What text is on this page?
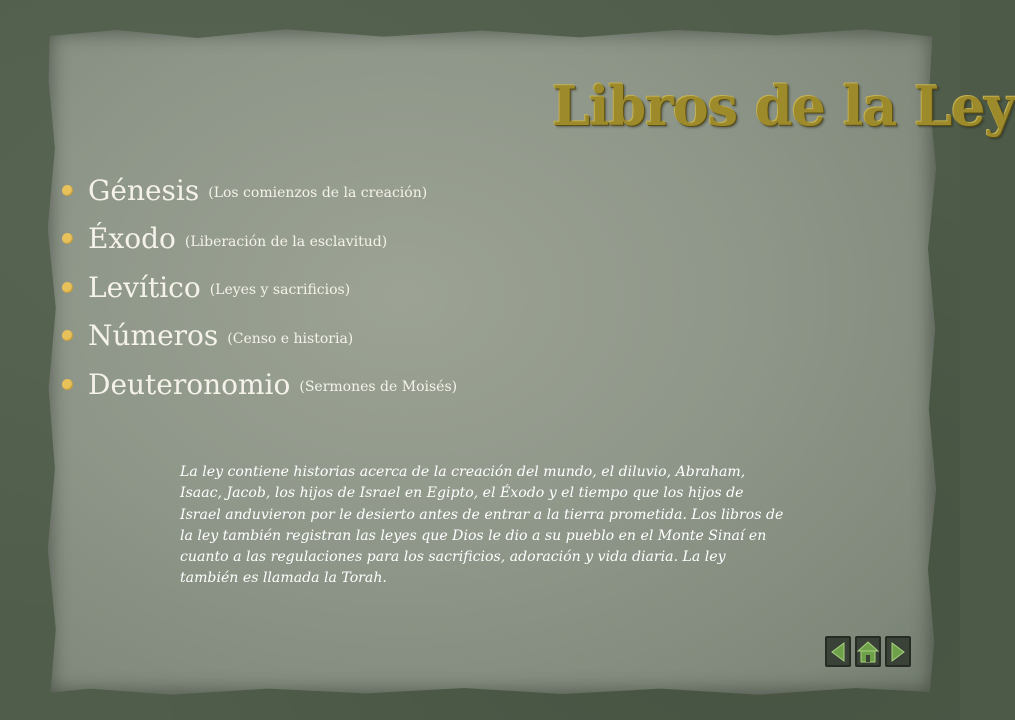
Libros de la Ley
Génesis (Los comienzos de la creación)
Éxodo (Liberación de la esclavitud)
Levítico (Leyes y sacrificios)
Números (Censo e historia)
Deuteronomio (Sermones de Moisés)

La ley contiene historias acerca de la creación del mundo, el diluvio, Abraham, Isaac, Jacob, los hijos de Israel en Egipto, el Éxodo y el tiempo que los hijos de Israel anduvieron por le desierto antes de entrar a la tierra prometida. Los libros de la ley también registran las leyes que Dios le dio a su pueblo en el Monte Sinaí en cuanto a las regulaciones para los sacrificios, adoración y vida diaria. La ley también es llamada la Torah.
